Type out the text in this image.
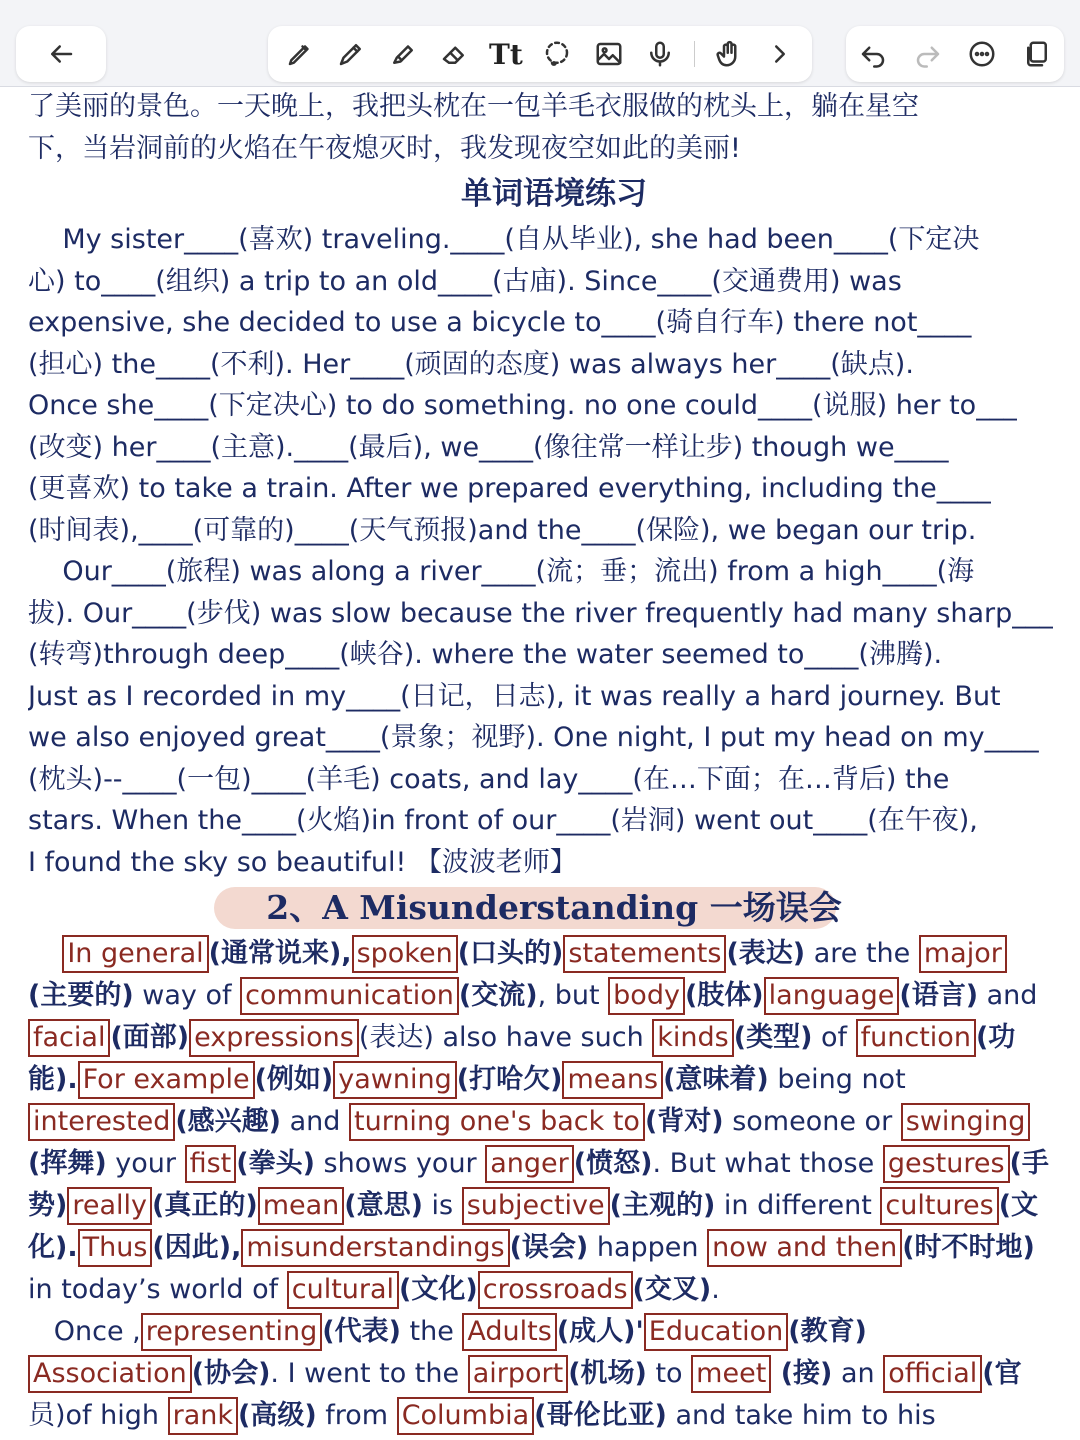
Tt
了美丽的景色。一天晚上，我把头枕在一包羊毛衣服做的枕头上，躺在星空
下，当岩洞前的火焰在午夜熄灭时，我发现夜空如此的美丽!
单词语境练习
My sister____(喜欢) traveling.____(自从毕业), she had been____(下定决
心) to____(组织) a trip to an old____(古庙). Since____(交通费用) was
expensive, she decided to use a bicycle to____(骑自行车) there not____
(担心) the____(不利). Her____(顽固的态度) was always her____(缺点).
Once she____(下定决心) to do something. no one could____(说服) her to___
(改变) her____(主意).____(最后), we____(像往常一样让步) though we____
(更喜欢) to take a train. After we prepared everything, including the____
(时间表),____(可靠的)____(天气预报)and the____(保险), we began our trip.
Our____(旅程) was along a river____(流；垂；流出) from a high____(海
拔). Our____(步伐) was slow because the river frequently had many sharp___
(转弯)through deep____(峡谷). where the water seemed to____(沸腾).
Just as I recorded in my____(日记，日志), it was really a hard journey. But
we also enjoyed great____(景象；视野). One night, I put my head on my____
(枕头)--____(一包)____(羊毛) coats, and lay____(在…下面；在…背后) the
stars. When the____(火焰)in front of our____(岩洞) went out____(在午夜),
I found the sky so beautiful! 【波波老师】
2、A Misunderstanding 一场误会
In general (通常说来), spoken (口头的) statements (表达) are the major
(主要的) way of communication (交流), but body (肢体) language (语言) and
facial (面部) expressions (表达) also have such kinds (类型) of function (功
能). For example (例如) yawning (打哈欠) means (意味着) being not
interested (感兴趣) and turning one's back to (背对) someone or swinging
(挥舞) your fist (拳头) shows your anger (愤怒). But what those gestures (手
势) really (真正的) mean (意思) is subjective (主观的) in different cultures (文
化). Thus (因此), misunderstandings (误会) happen now and then (时不时地)
in today’s world of cultural (文化) crossroads (交叉).
Once , representing (代表) the Adults (成人)' Education (教育)
Association (协会). I went to the airport (机场) to meet (接) an official (官
员)of high rank (高级) from Columbia (哥伦比亚) and take him to his
